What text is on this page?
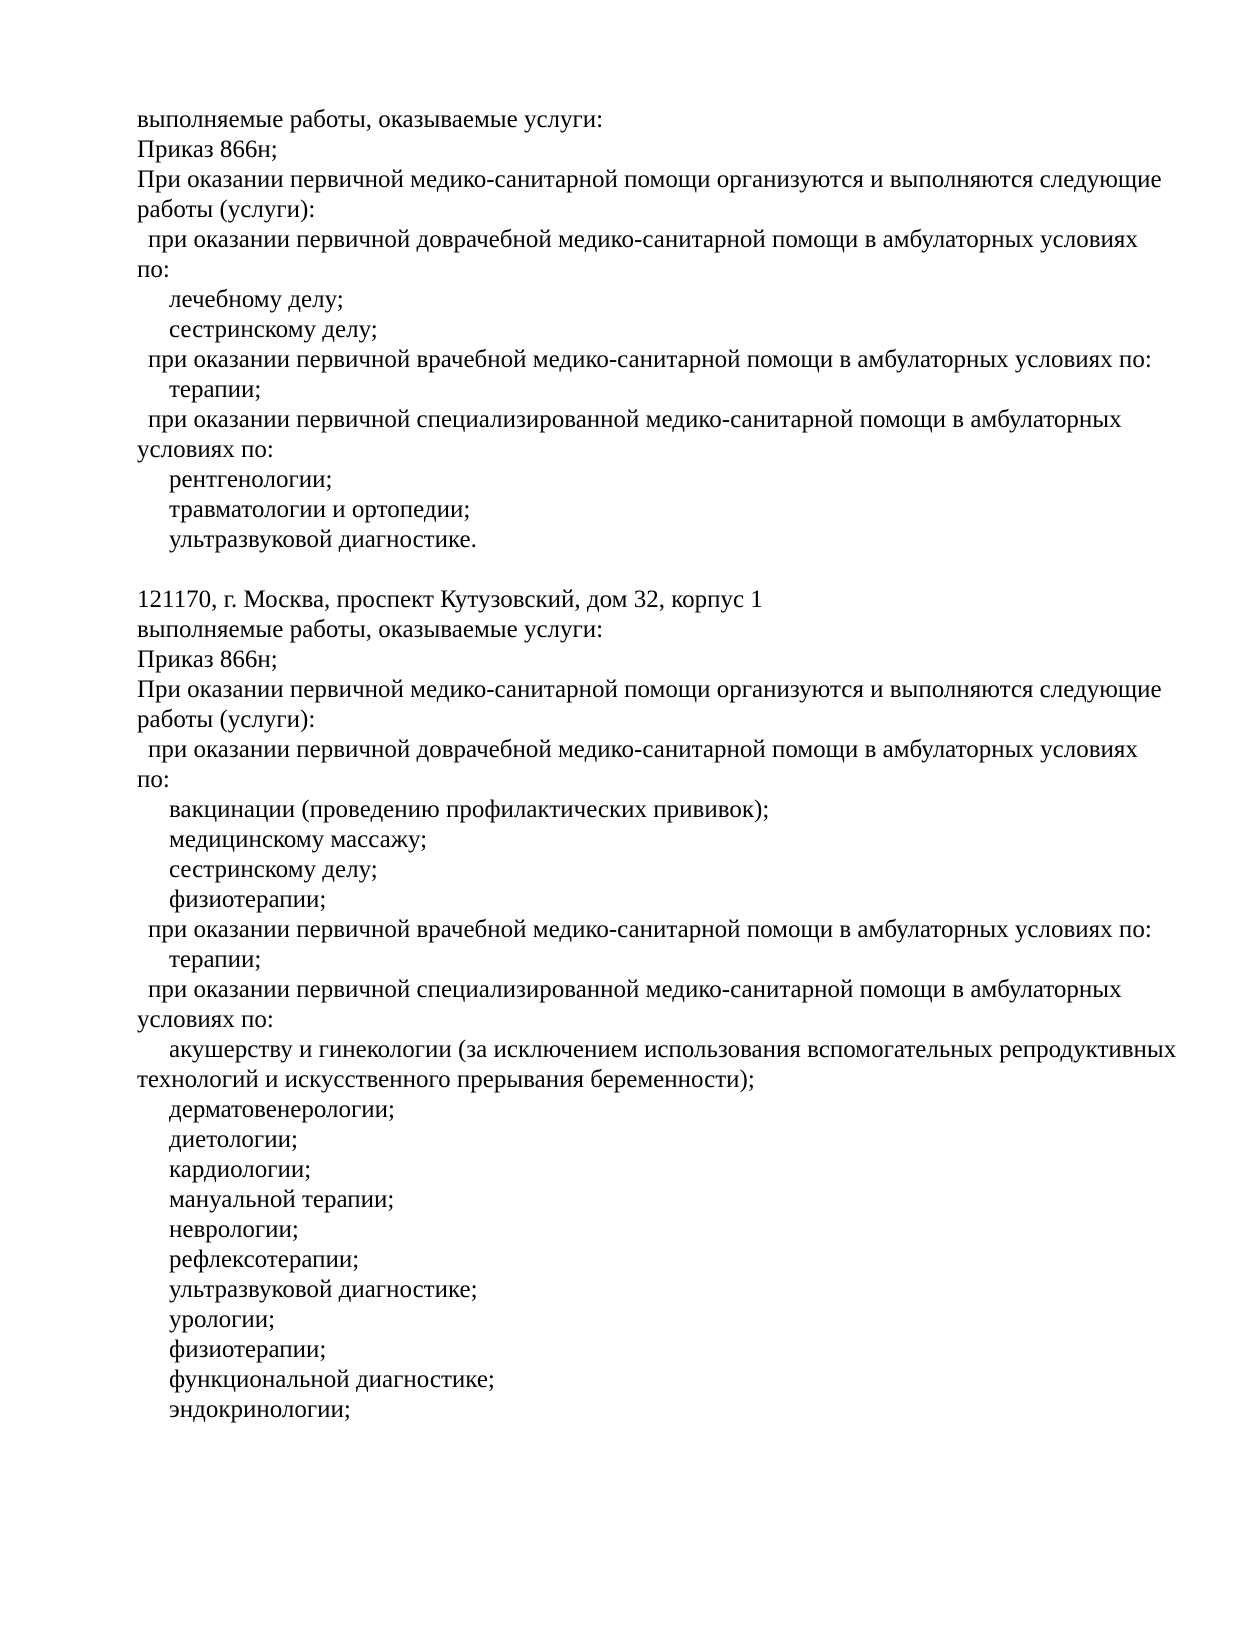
выполняемые работы, оказываемые услуги:
Приказ 866н;
При оказании первичной медико-санитарной помощи организуются и выполняются следующие
работы (услуги):
при оказании первичной доврачебной медико-санитарной помощи в амбулаторных условиях
по:
лечебному делу;
сестринскому делу;
при оказании первичной врачебной медико-санитарной помощи в амбулаторных условиях по:
терапии;
при оказании первичной специализированной медико-санитарной помощи в амбулаторных
условиях по:
рентгенологии;
травматологии и ортопедии;
ультразвуковой диагностике.
121170, г. Москва, проспект Кутузовский, дом 32, корпус 1
выполняемые работы, оказываемые услуги:
Приказ 866н;
При оказании первичной медико-санитарной помощи организуются и выполняются следующие
работы (услуги):
при оказании первичной доврачебной медико-санитарной помощи в амбулаторных условиях
по:
вакцинации (проведению профилактических прививок);
медицинскому массажу;
сестринскому делу;
физиотерапии;
при оказании первичной врачебной медико-санитарной помощи в амбулаторных условиях по:
терапии;
при оказании первичной специализированной медико-санитарной помощи в амбулаторных
условиях по:
акушерству и гинекологии (за исключением использования вспомогательных репродуктивных
технологий и искусственного прерывания беременности);
дерматовенерологии;
диетологии;
кардиологии;
мануальной терапии;
неврологии;
рефлексотерапии;
ультразвуковой диагностике;
урологии;
физиотерапии;
функциональной диагностике;
эндокринологии;
